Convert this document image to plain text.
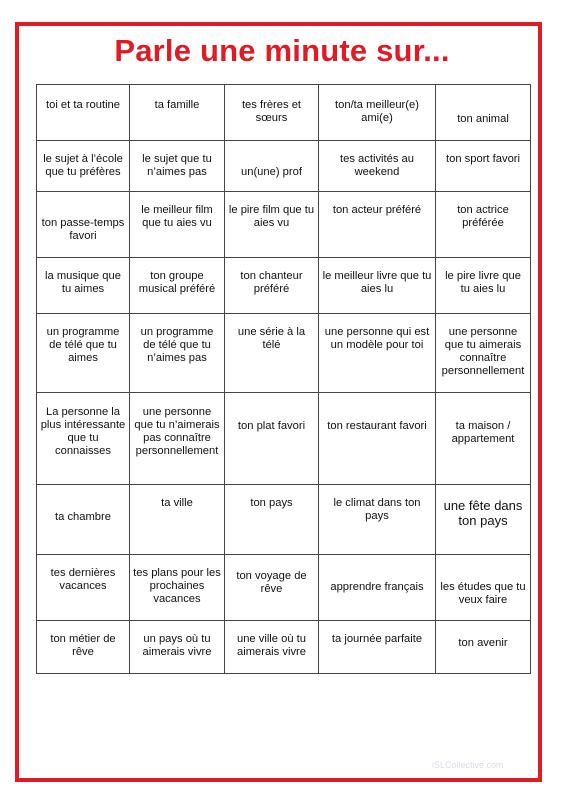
Parle une minute sur...
toi et ta routine	ta famille	tes frères et sœurs	ton/ta meilleur(e) ami(e)	ton animal
le sujet à l’école que tu préfères	le sujet que tu n’aimes pas	un(une) prof	tes activités au weekend	ton sport favori
ton passe-temps favori	le meilleur film que tu aies vu	le pire film que tu aies vu	ton acteur préféré	ton actrice préférée
la musique que tu aimes	ton groupe musical préféré	ton chanteur préféré	le meilleur livre que tu aies lu	le pire livre que tu aies lu
un programme de télé que tu aimes	un programme de télé que tu n’aimes pas	une série à la télé	une personne qui est un modèle pour toi	une personne que tu aimerais connaître personnellement
La personne la plus intéressante que tu connaisses	une personne que tu n’aimerais pas connaître personnellement	ton plat favori	ton restaurant favori	ta maison / appartement
ta chambre	ta ville	ton pays	le climat dans ton pays	une fête dans ton pays
tes dernières vacances	tes plans pour les prochaines vacances	ton voyage de rêve	apprendre français	les études que tu veux faire
ton métier de rêve	un pays où tu aimerais vivre	une ville où tu aimerais vivre	ta journée parfaite	ton avenir
iSLCollective.com
